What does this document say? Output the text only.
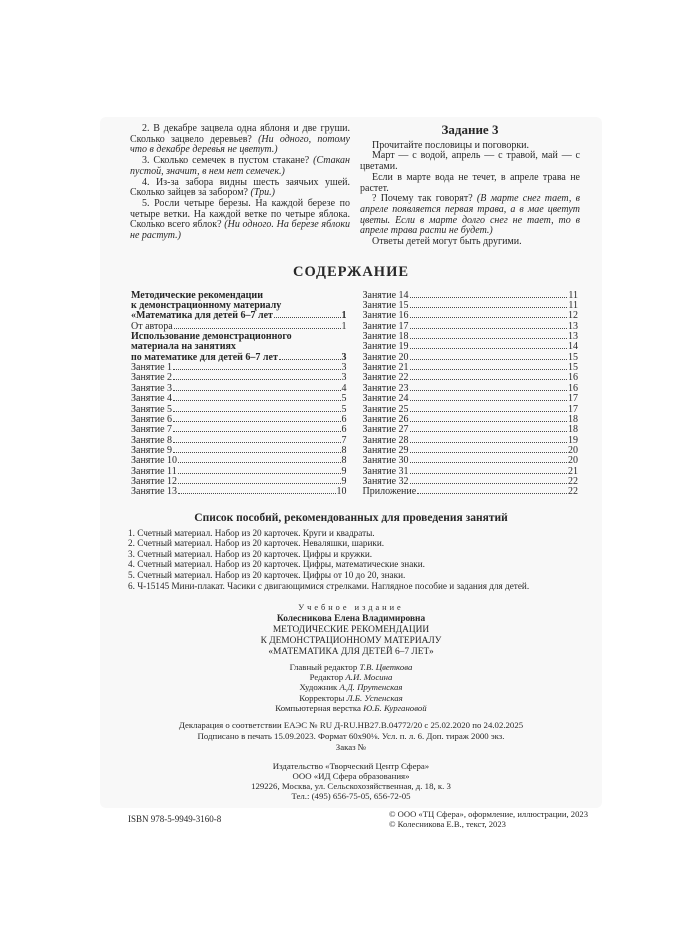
2. В декабре зацвела одна яблоня и две груши. Сколько зацвело деревьев? (Ни одного, потому что в декабре деревья не цветут.)

3. Сколько семечек в пустом стакане? (Стакан пустой, значит, в нем нет семечек.)

4. Из-за забора видны шесть заячьих ушей. Сколько зайцев за забором? (Три.)

5. Росли четыре березы. На каждой березе по четыре ветки. На каждой ветке по четыре яблока. Сколько всего яблок? (Ни одного. На березе яблоки не растут.)

Задание 3

Прочитайте пословицы и поговорки.

Март — с водой, апрель — с травой, май — с цветами.

Если в марте вода не течет, в апреле трава не растет.

? Почему так говорят? (В марте снег тает, в апреле появляется первая трава, а в мае цветут цветы. Если в марте долго снег не тает, то в апреле трава расти не будет.)

Ответы детей могут быть другими.

СОДЕРЖАНИЕ
Методические рекомендации
к демонстрационному материалу
«Математика для детей 6–7 лет	1
От автора	1
Использование демонстрационного
материала на занятиях
по математике для детей 6–7 лет	3
Занятие 1	3
Занятие 2	3
Занятие 3	4
Занятие 4	5
Занятие 5	5
Занятие 6	6
Занятие 7	6
Занятие 8	7
Занятие 9	8
Занятие 10	8
Занятие 11	9
Занятие 12	9
Занятие 13	10
Занятие 14	11
Занятие 15	11
Занятие 16	12
Занятие 17	13
Занятие 18	13
Занятие 19	14
Занятие 20	15
Занятие 21	15
Занятие 22	16
Занятие 23	16
Занятие 24	17
Занятие 25	17
Занятие 26	18
Занятие 27	18
Занятие 28	19
Занятие 29	20
Занятие 30	20
Занятие 31	21
Занятие 32	22
Приложение	22
Список пособий, рекомендованных для проведения занятий
1. Счетный материал. Набор из 20 карточек. Круги и квадраты.
2. Счетный материал. Набор из 20 карточек. Неваляшки, шарики.
3. Счетный материал. Набор из 20 карточек. Цифры и кружки.
4. Счетный материал. Набор из 20 карточек. Цифры, математические знаки.
5. Счетный материал. Набор из 20 карточек. Цифры от 10 до 20, знаки.
6. Ч-15145 Мини-плакат. Часики с двигающимися стрелками. Наглядное пособие и задания для детей.
Учебное издание
Колесникова Елена Владимировна
МЕТОДИЧЕСКИЕ РЕКОМЕНДАЦИИ
К ДЕМОНСТРАЦИОННОМУ МАТЕРИАЛУ
«МАТЕМАТИКА ДЛЯ ДЕТЕЙ 6–7 ЛЕТ»
Главный редактор Т.В. Цветкова
Редактор А.И. Мосина
Художник А.Д. Прутенская
Корректоры Л.Б. Успенская
Компьютерная верстка Ю.Б. Кургановой
Декларация о соответствии ЕАЭС № RU Д-RU.НВ27.В.04772/20 с 25.02.2020 по 24.02.2025
Подписано в печать 15.09.2023. Формат 60х90⅛. Усл. п. л. 6. Доп. тираж 2000 экз.
Заказ №
Издательство «Творческий Центр Сфера»
ООО «ИД Сфера образования»
129226, Москва, ул. Сельскохозяйственная, д. 18, к. 3
Тел.: (495) 656-75-05, 656-72-05
ISBN 978-5-9949-3160-8
© ООО «ТЦ Сфера», оформление, иллюстрации, 2023
© Колесникова Е.В., текст, 2023
